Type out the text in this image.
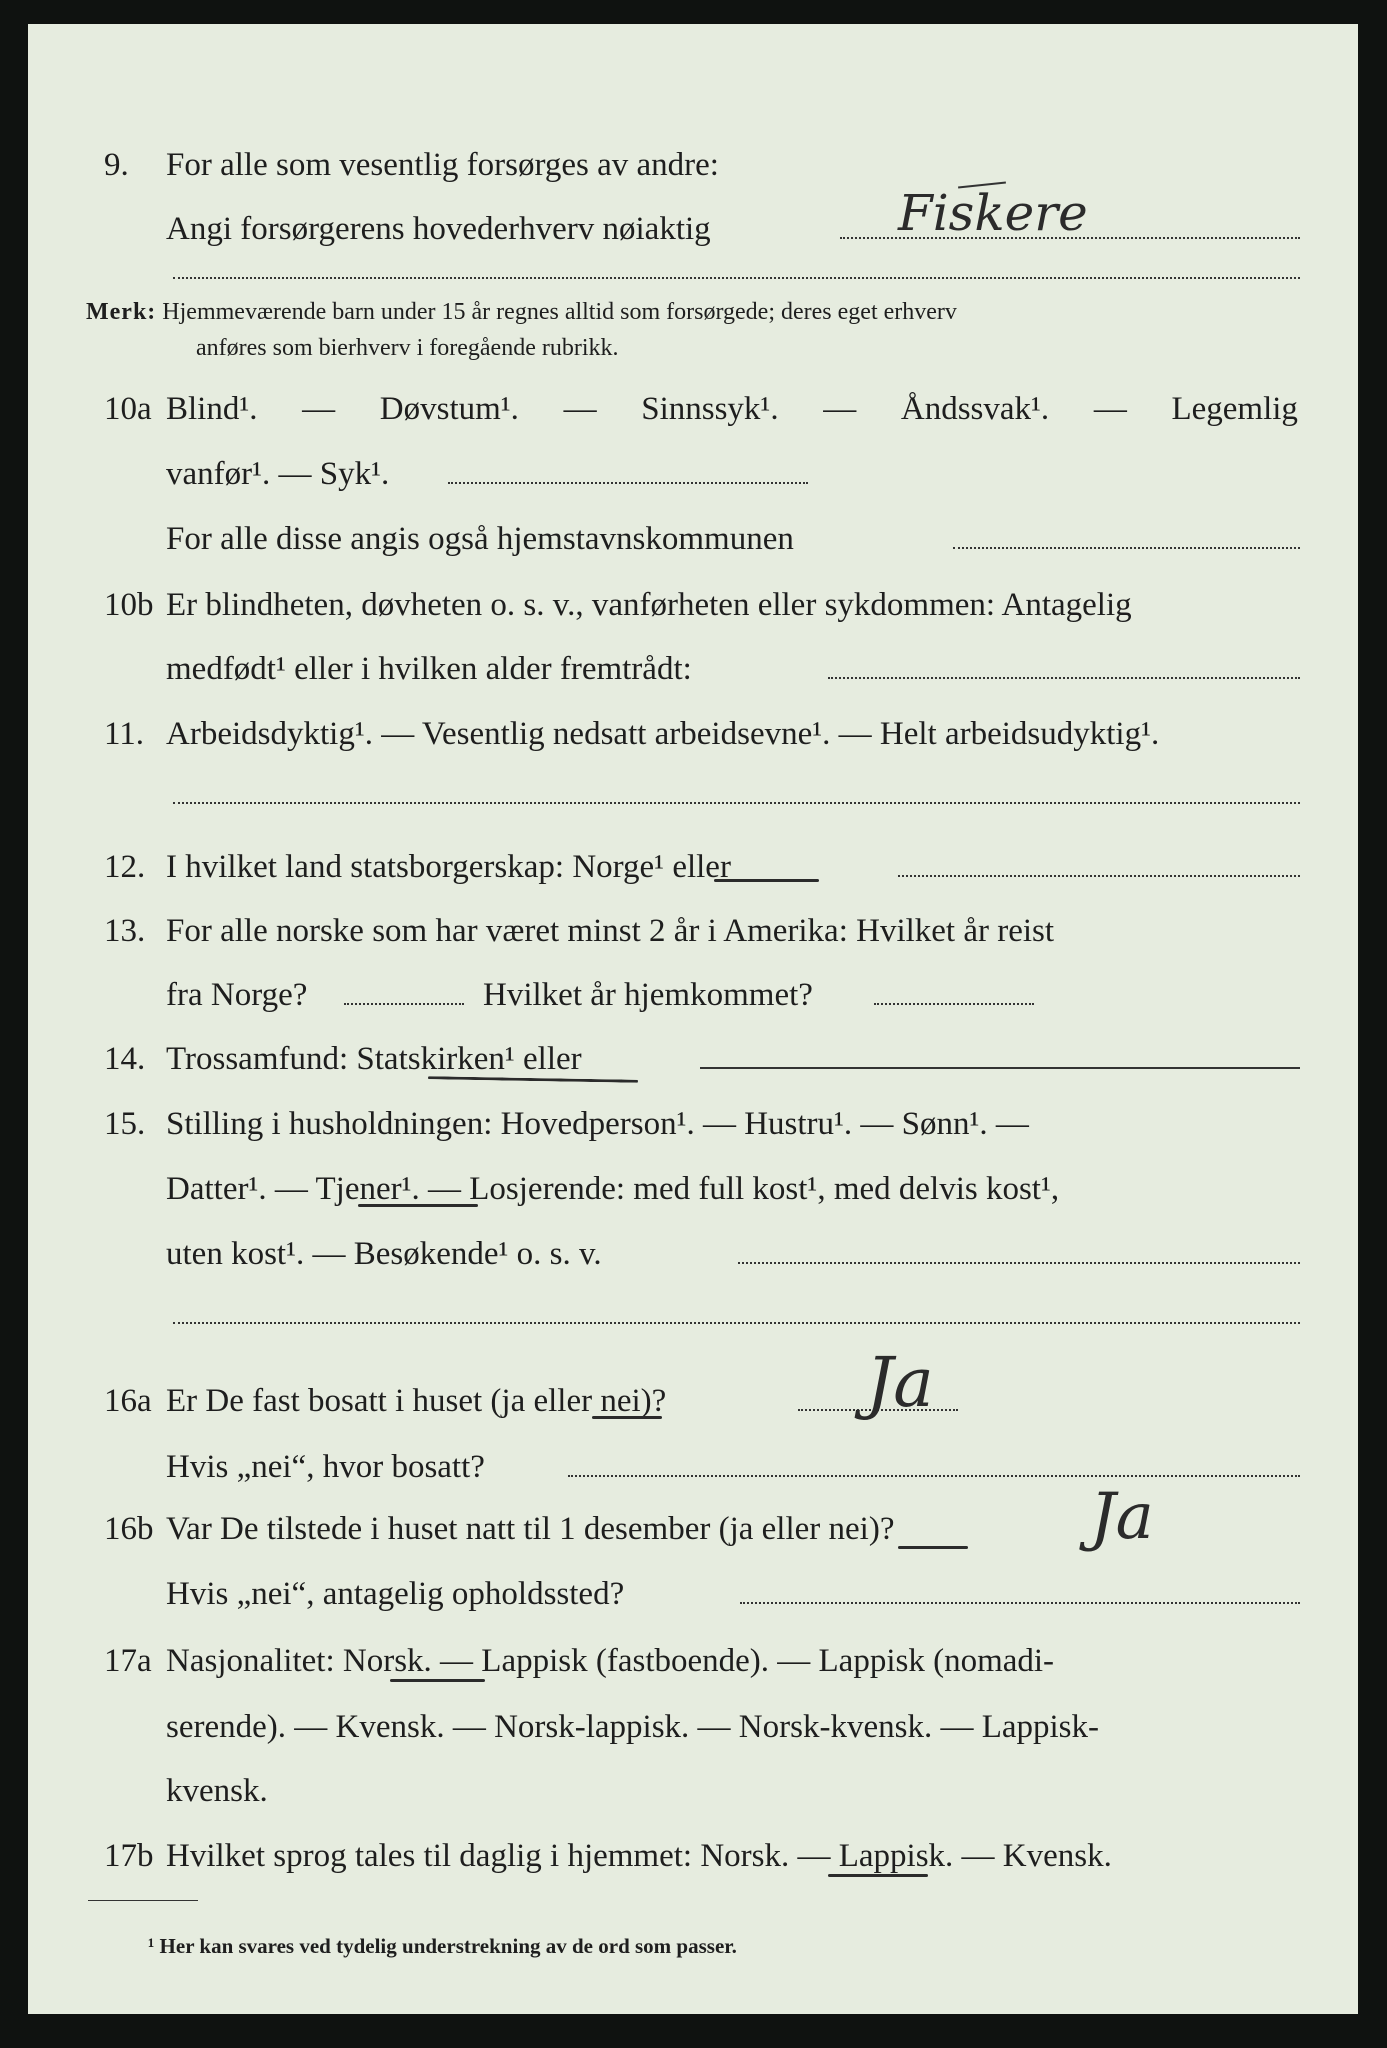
9. For alle som vesentlig forsørges av andre:
Angi forsørgerens hovederhverv nøiaktig	Fiskere
Merk: Hjemmeværende barn under 15 år regnes alltid som forsørgede; deres eget erhverv
anføres som bierhverv i foregående rubrikk.
10a Blind¹. — Døvstum¹. — Sinnssyk¹. — Åndssvak¹. — Legemlig
vanfør¹. — Syk¹.
For alle disse angis også hjemstavnskommunen
10b Er blindheten, døvheten o. s. v., vanførheten eller sykdommen: Antagelig
medfødt¹ eller i hvilken alder fremtrådt:
11. Arbeidsdyktig¹. — Vesentlig nedsatt arbeidsevne¹. — Helt arbeidsudyktig¹.
12. I hvilket land statsborgerskap: Norge¹ eller
13. For alle norske som har været minst 2 år i Amerika: Hvilket år reist
fra Norge?	Hvilket år hjemkommet?
14. Trossamfund: Statskirken¹ eller
15. Stilling i husholdningen: Hovedperson¹. — Hustru¹. — Sønn¹. —
Datter¹. — Tjener¹. — Losjerende: med full kost¹, med delvis kost¹,
uten kost¹. — Besøkende¹ o. s. v.
16a Er De fast bosatt i huset (ja eller nei)?	Ja
Hvis „nei“, hvor bosatt?
16b Var De tilstede i huset natt til 1 desember (ja eller nei)?	Ja
Hvis „nei“, antagelig opholdssted?
17a Nasjonalitet: Norsk. — Lappisk (fastboende). — Lappisk (nomadi-
serende). — Kvensk. — Norsk-lappisk. — Norsk-kvensk. — Lappisk-
kvensk.
17b Hvilket sprog tales til daglig i hjemmet: Norsk. — Lappisk. — Kvensk.
¹ Her kan svares ved tydelig understrekning av de ord som passer.
